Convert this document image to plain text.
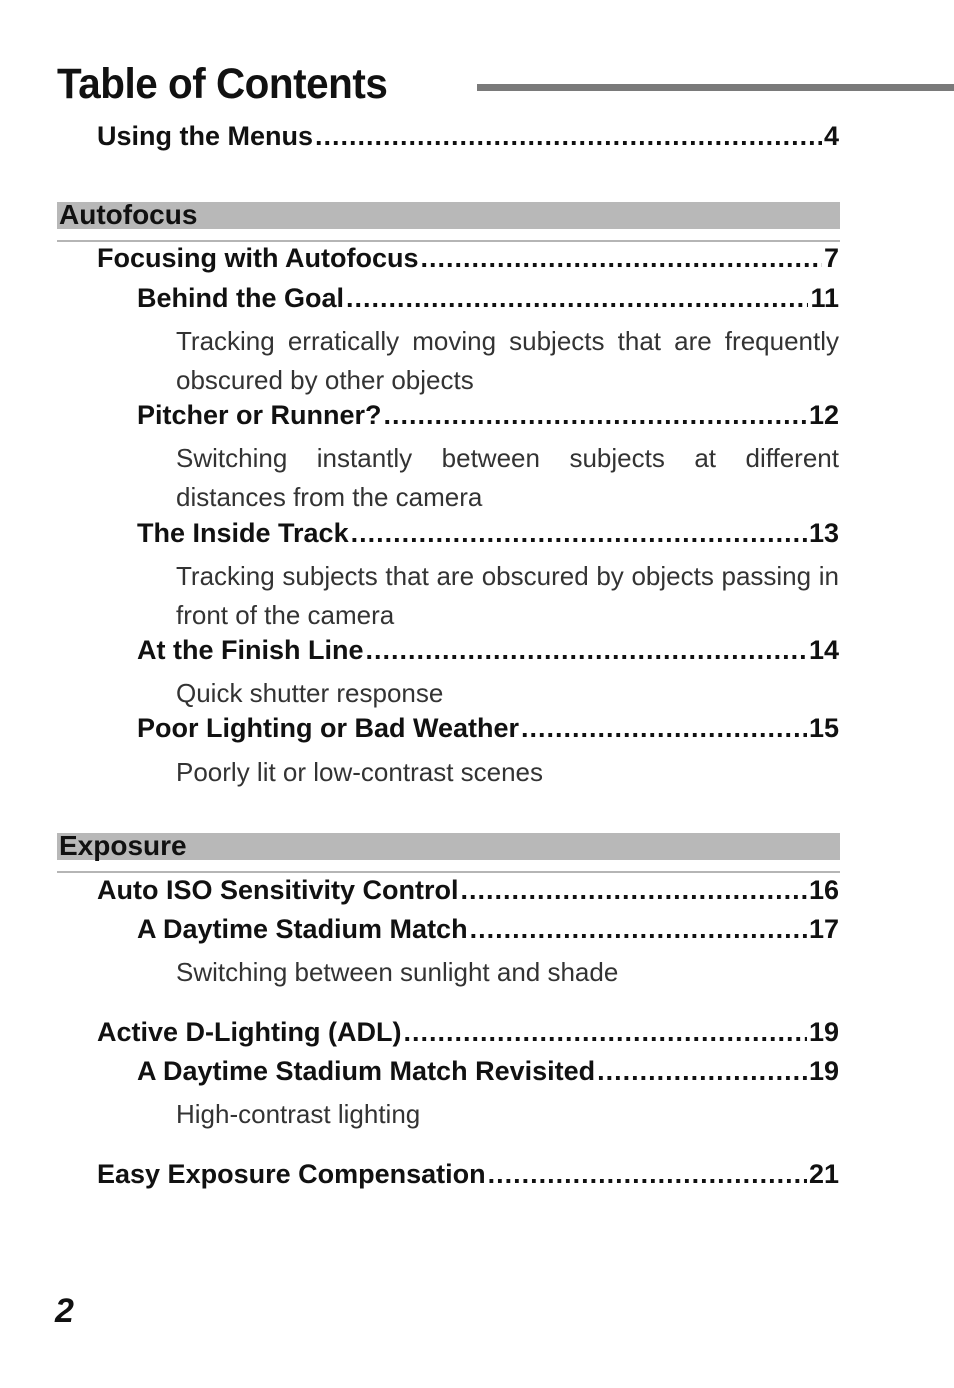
Table of Contents
Using the Menus .....	4
Autofocus
Focusing with Autofocus .....	7
Behind the Goal .....	11
Tracking erratically moving subjects that are frequently obscured by other objects
Pitcher or Runner? .....	12
Switching instantly between subjects at different distances from the camera
The Inside Track .....	13
Tracking subjects that are obscured by objects passing in front of the camera
At the Finish Line .....	14
Quick shutter response
Poor Lighting or Bad Weather .....	15
Poorly lit or low-contrast scenes
Exposure
Auto ISO Sensitivity Control .....	16
A Daytime Stadium Match .....	17
Switching between sunlight and shade
Active D-Lighting (ADL) .....	19
A Daytime Stadium Match Revisited .....	19
High-contrast lighting
Easy Exposure Compensation .....	21
2
